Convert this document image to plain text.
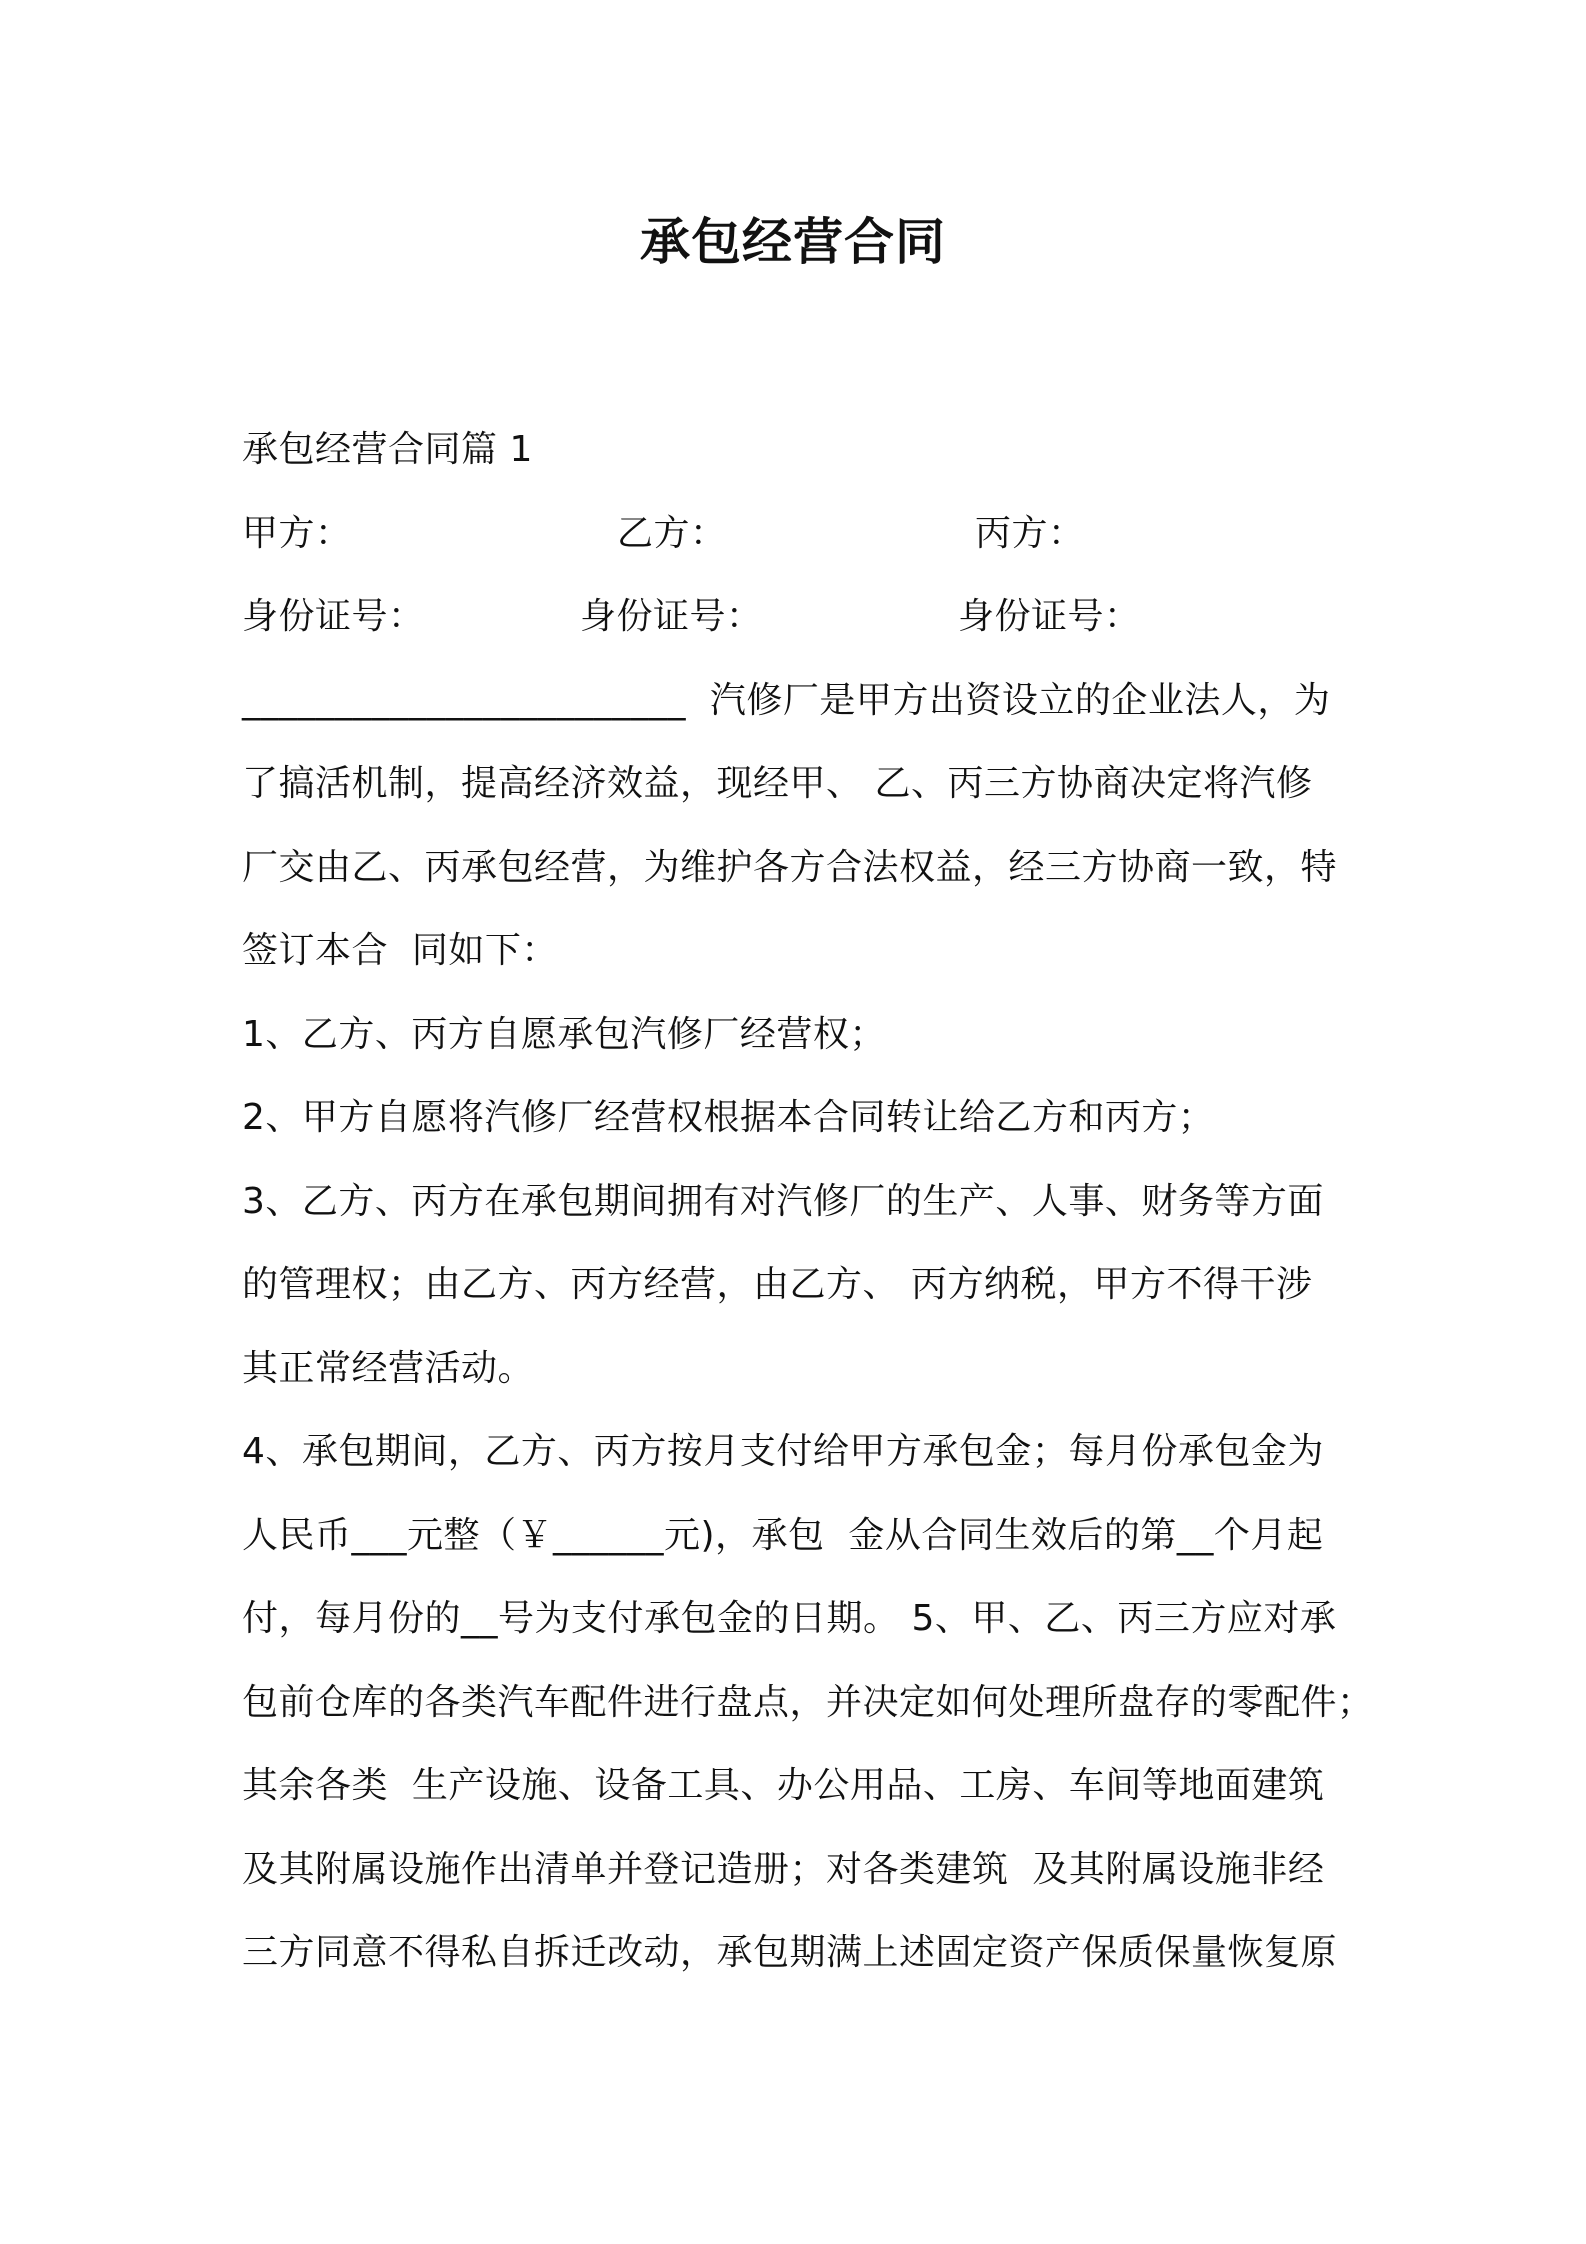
承包经营合同
承包经营合同篇 1
甲方：	乙方：	丙方：
身份证号：	身份证号：	身份证号：
________________________  汽修厂是甲方出资设立的企业法人，为
了搞活机制，提高经济效益，现经甲、 乙、丙三方协商决定将汽修
厂交由乙、丙承包经营，为维护各方合法权益，经三方协商一致，特
签订本合  同如下：
1、乙方、丙方自愿承包汽修厂经营权；
2、甲方自愿将汽修厂经营权根据本合同转让给乙方和丙方；
3、乙方、丙方在承包期间拥有对汽修厂的生产、人事、财务等方面
的管理权；由乙方、丙方经营，由乙方、 丙方纳税，甲方不得干涉
其正常经营活动。
4、承包期间，乙方、丙方按月支付给甲方承包金；每月份承包金为
人民币___元整（￥______元)，承包  金从合同生效后的第__个月起
付，每月份的__号为支付承包金的日期。 5、甲、乙、丙三方应对承
包前仓库的各类汽车配件进行盘点，并决定如何处理所盘存的零配件；
其余各类  生产设施、设备工具、办公用品、工房、车间等地面建筑
及其附属设施作出清单并登记造册；对各类建筑  及其附属设施非经
三方同意不得私自拆迁改动，承包期满上述固定资产保质保量恢复原
